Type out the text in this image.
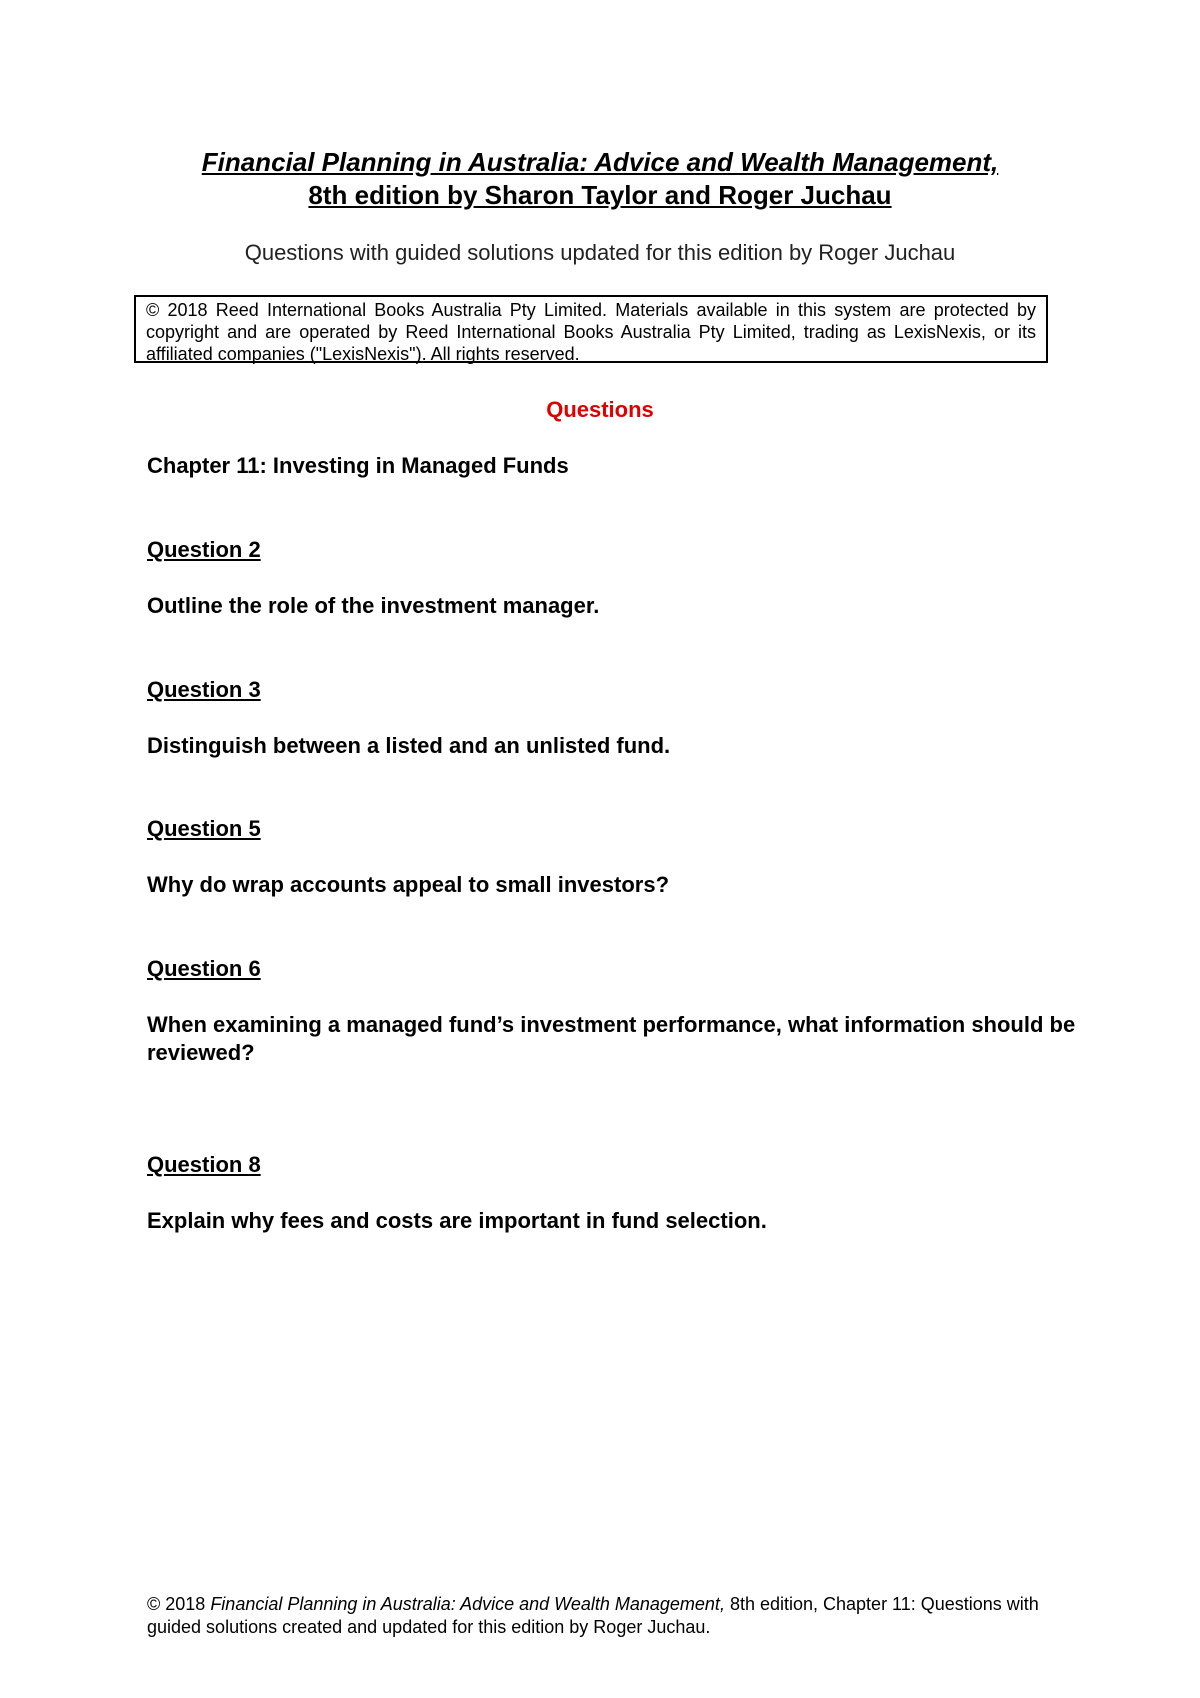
Financial Planning in Australia: Advice and Wealth Management,
8th edition by Sharon Taylor and Roger Juchau
Questions with guided solutions updated for this edition by Roger Juchau
© 2018 Reed International Books Australia Pty Limited. Materials available in this system are protected by copyright and are operated by Reed International Books Australia Pty Limited, trading as LexisNexis, or its affiliated companies ("LexisNexis"). All rights reserved.
Questions
Chapter 11: Investing in Managed Funds
Question 2
Outline the role of the investment manager.
Question 3
Distinguish between a listed and an unlisted fund.
Question 5
Why do wrap accounts appeal to small investors?
Question 6
When examining a managed fund’s investment performance, what information should be reviewed?
Question 8
Explain why fees and costs are important in fund selection.
© 2018 Financial Planning in Australia: Advice and Wealth Management, 8th edition, Chapter 11: Questions with guided solutions created and updated for this edition by Roger Juchau.
